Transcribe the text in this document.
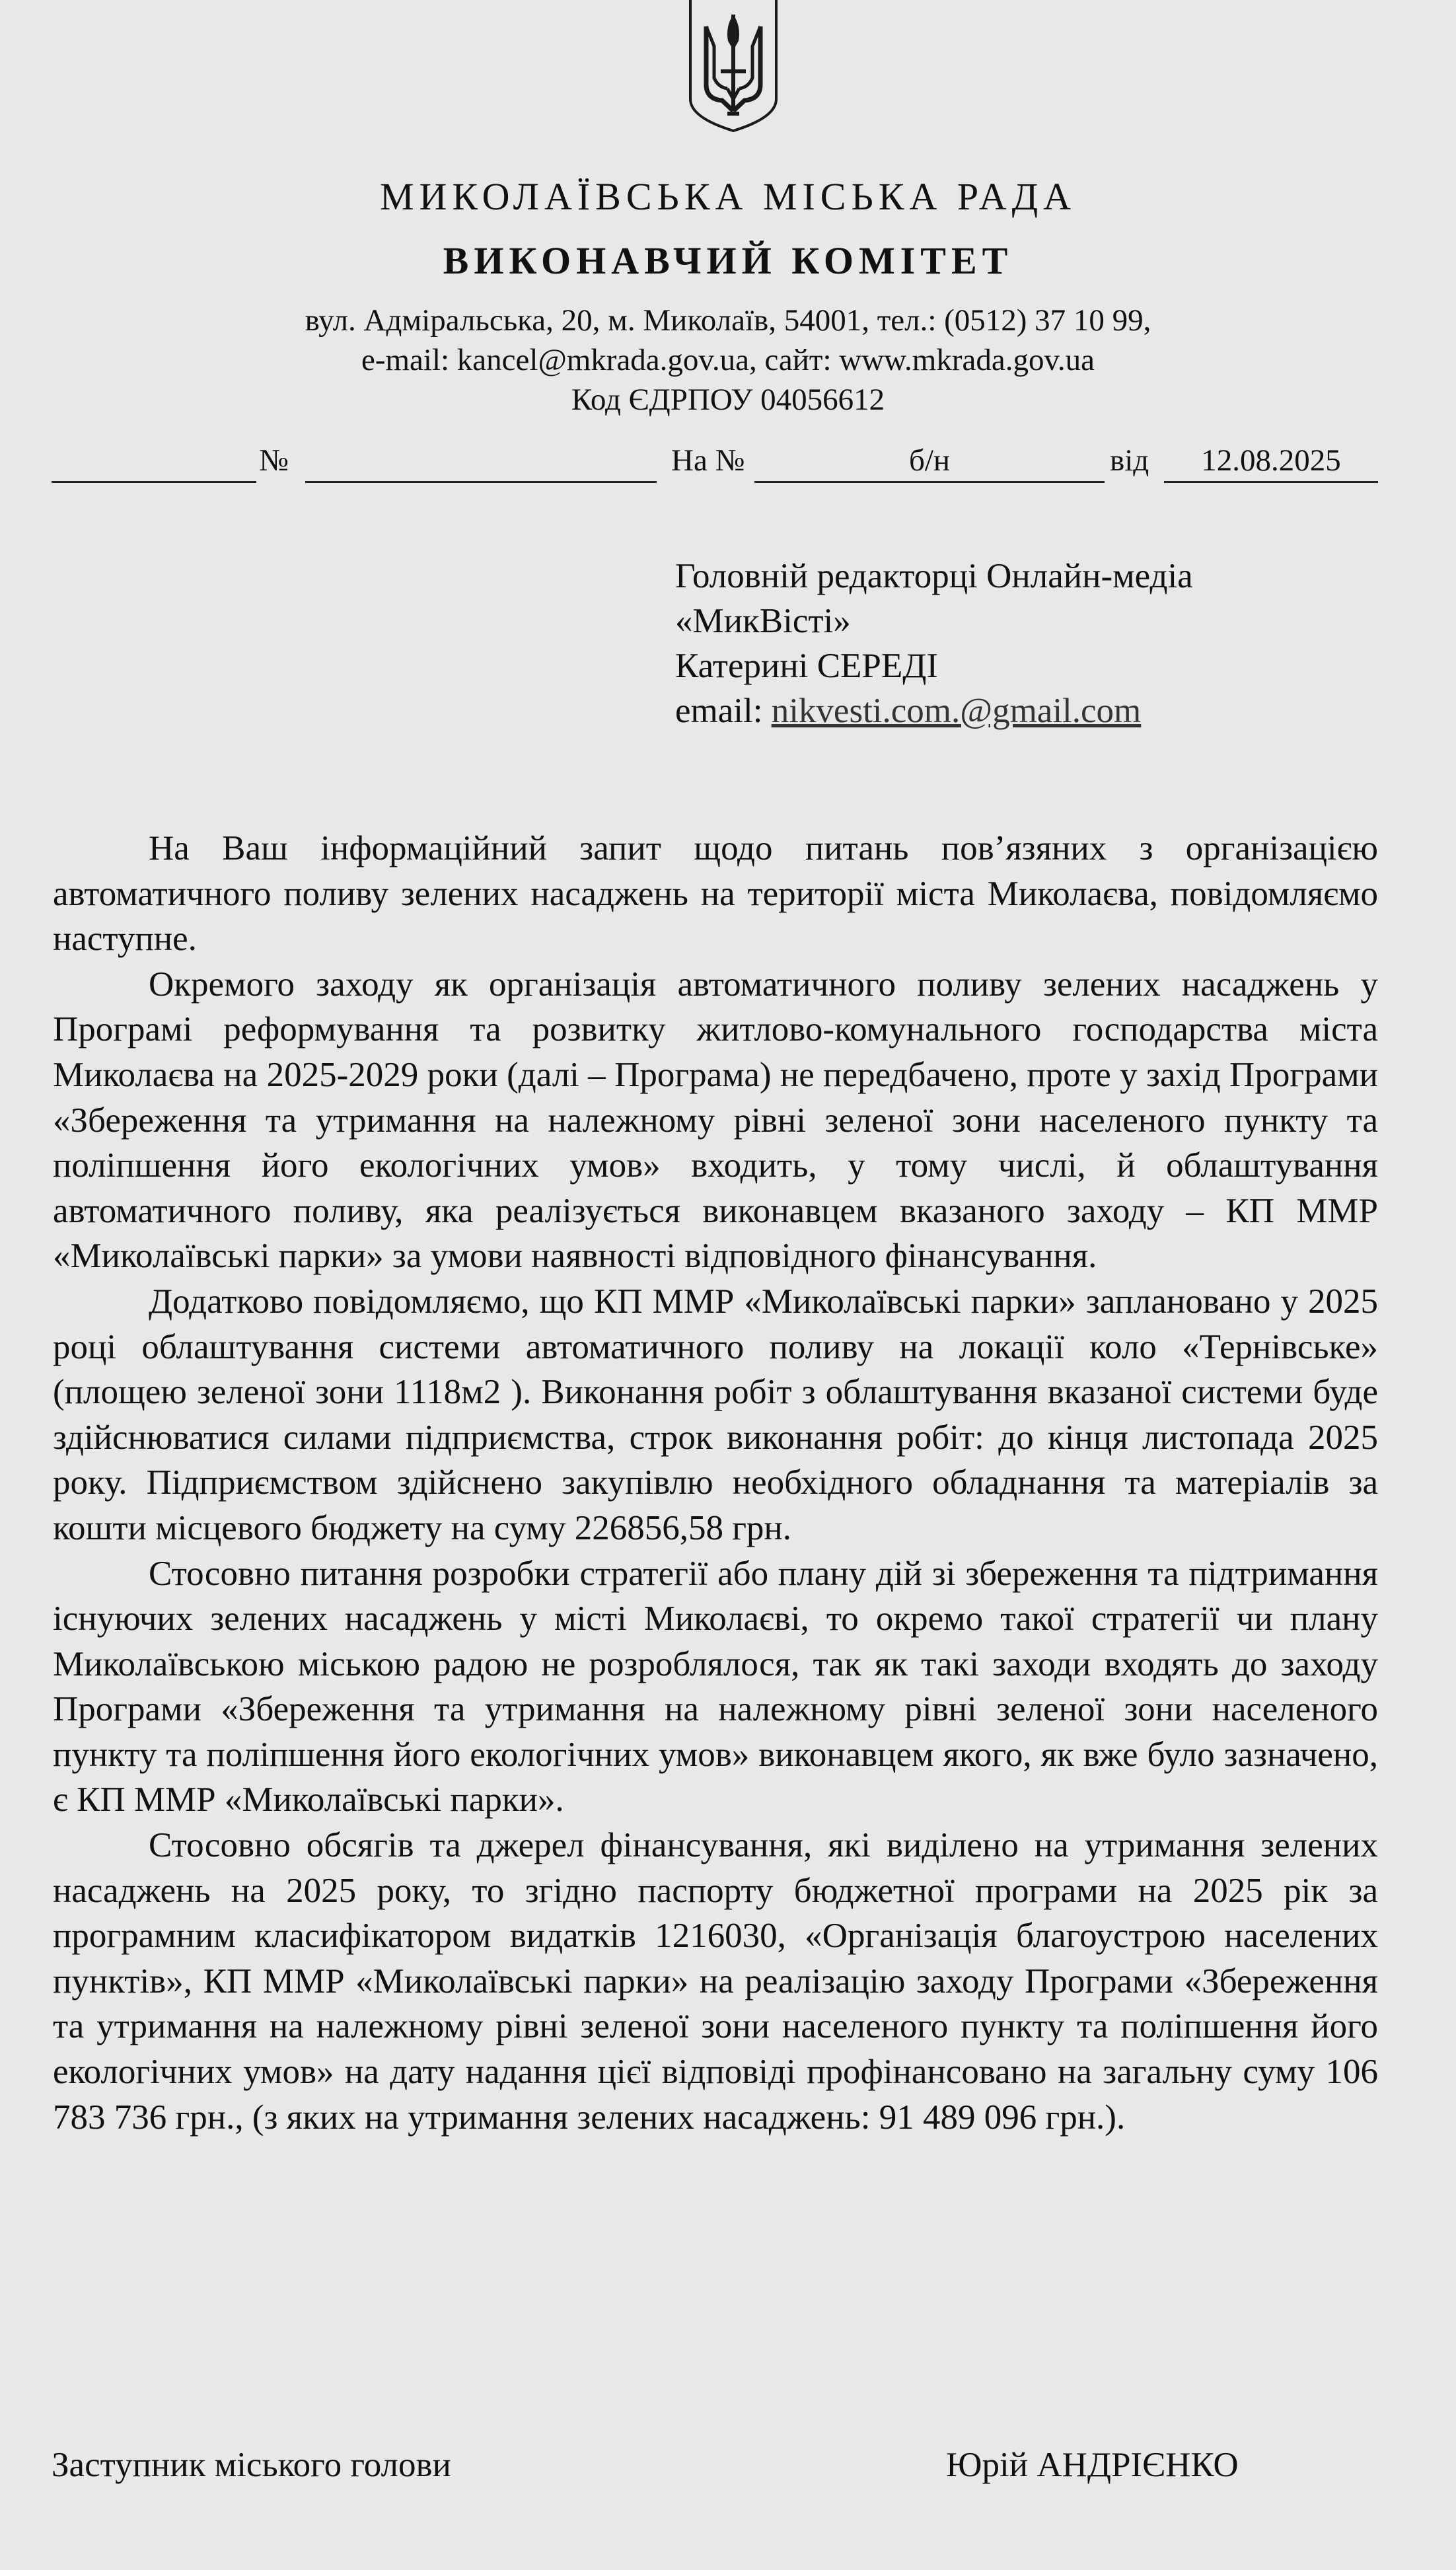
МИКОЛАЇВСЬКА МІСЬКА РАДА
ВИКОНАВЧИЙ КОМІТЕТ
вул. Адміральська, 20, м. Миколаїв, 54001, тел.: (0512) 37 10 99,
e-mail: kancel@mkrada.gov.ua, сайт: www.mkrada.gov.ua
Код ЄДРПОУ 04056612
№	На №	б/н	від	12.08.2025
Головній редакторці Онлайн-медіа
«МикВісті»
Катерині СЕРЕДІ
email: nikvesti.com.@gmail.com

На Ваш інформаційний запит щодо питань пов’язяних з організацією автоматичного поливу зелених насаджень на території міста Миколаєва, повідомляємо наступне.

Окремого заходу як організація автоматичного поливу зелених насаджень у Програмі реформування та розвитку житлово-комунального господарства міста Миколаєва на 2025-2029 роки (далі – Програма) не передбачено, проте у захід Програми «Збереження та утримання на належному рівні зеленої зони населеного пункту та поліпшення його екологічних умов» входить, у тому числі, й облаштування автоматичного поливу, яка реалізується виконавцем вказаного заходу – КП ММР «Миколаївські парки» за умови наявності відповідного фінансування.

Додатково повідомляємо, що КП ММР «Миколаївські парки» заплановано у 2025 році облаштування системи автоматичного поливу на локації коло «Тернівське» (площею зеленої зони 1118м2 ). Виконання робіт з облаштування вказаної системи буде здійснюватися силами підприємства, строк виконання робіт: до кінця листопада 2025 року. Підприємством здійснено закупівлю необхідного обладнання та матеріалів за кошти місцевого бюджету на суму 226856,58 грн.

Стосовно питання розробки стратегії або плану дій зі збереження та підтримання існуючих зелених насаджень у місті Миколаєві, то окремо такої стратегії чи плану Миколаївською міською радою не розроблялося, так як такі заходи входять до заходу Програми «Збереження та утримання на належному рівні зеленої зони населеного пункту та поліпшення його екологічних умов» виконавцем якого, як вже було зазначено, є КП ММР «Миколаївські парки».

Стосовно обсягів та джерел фінансування, які виділено на утримання зелених насаджень на 2025 року, то згідно паспорту бюджетної програми на 2025 рік за програмним класифікатором видатків 1216030, «Організація благоустрою населених пунктів», КП ММР «Миколаївські парки» на реалізацію заходу Програми «Збереження та утримання на належному рівні зеленої зони населеного пункту та поліпшення його екологічних умов» на дату надання цієї відповіді профінансовано на загальну суму 106 783 736 грн., (з яких на утримання зелених насаджень: 91 489 096 грн.).

Заступник міського голови	Юрій АНДРІЄНКО
